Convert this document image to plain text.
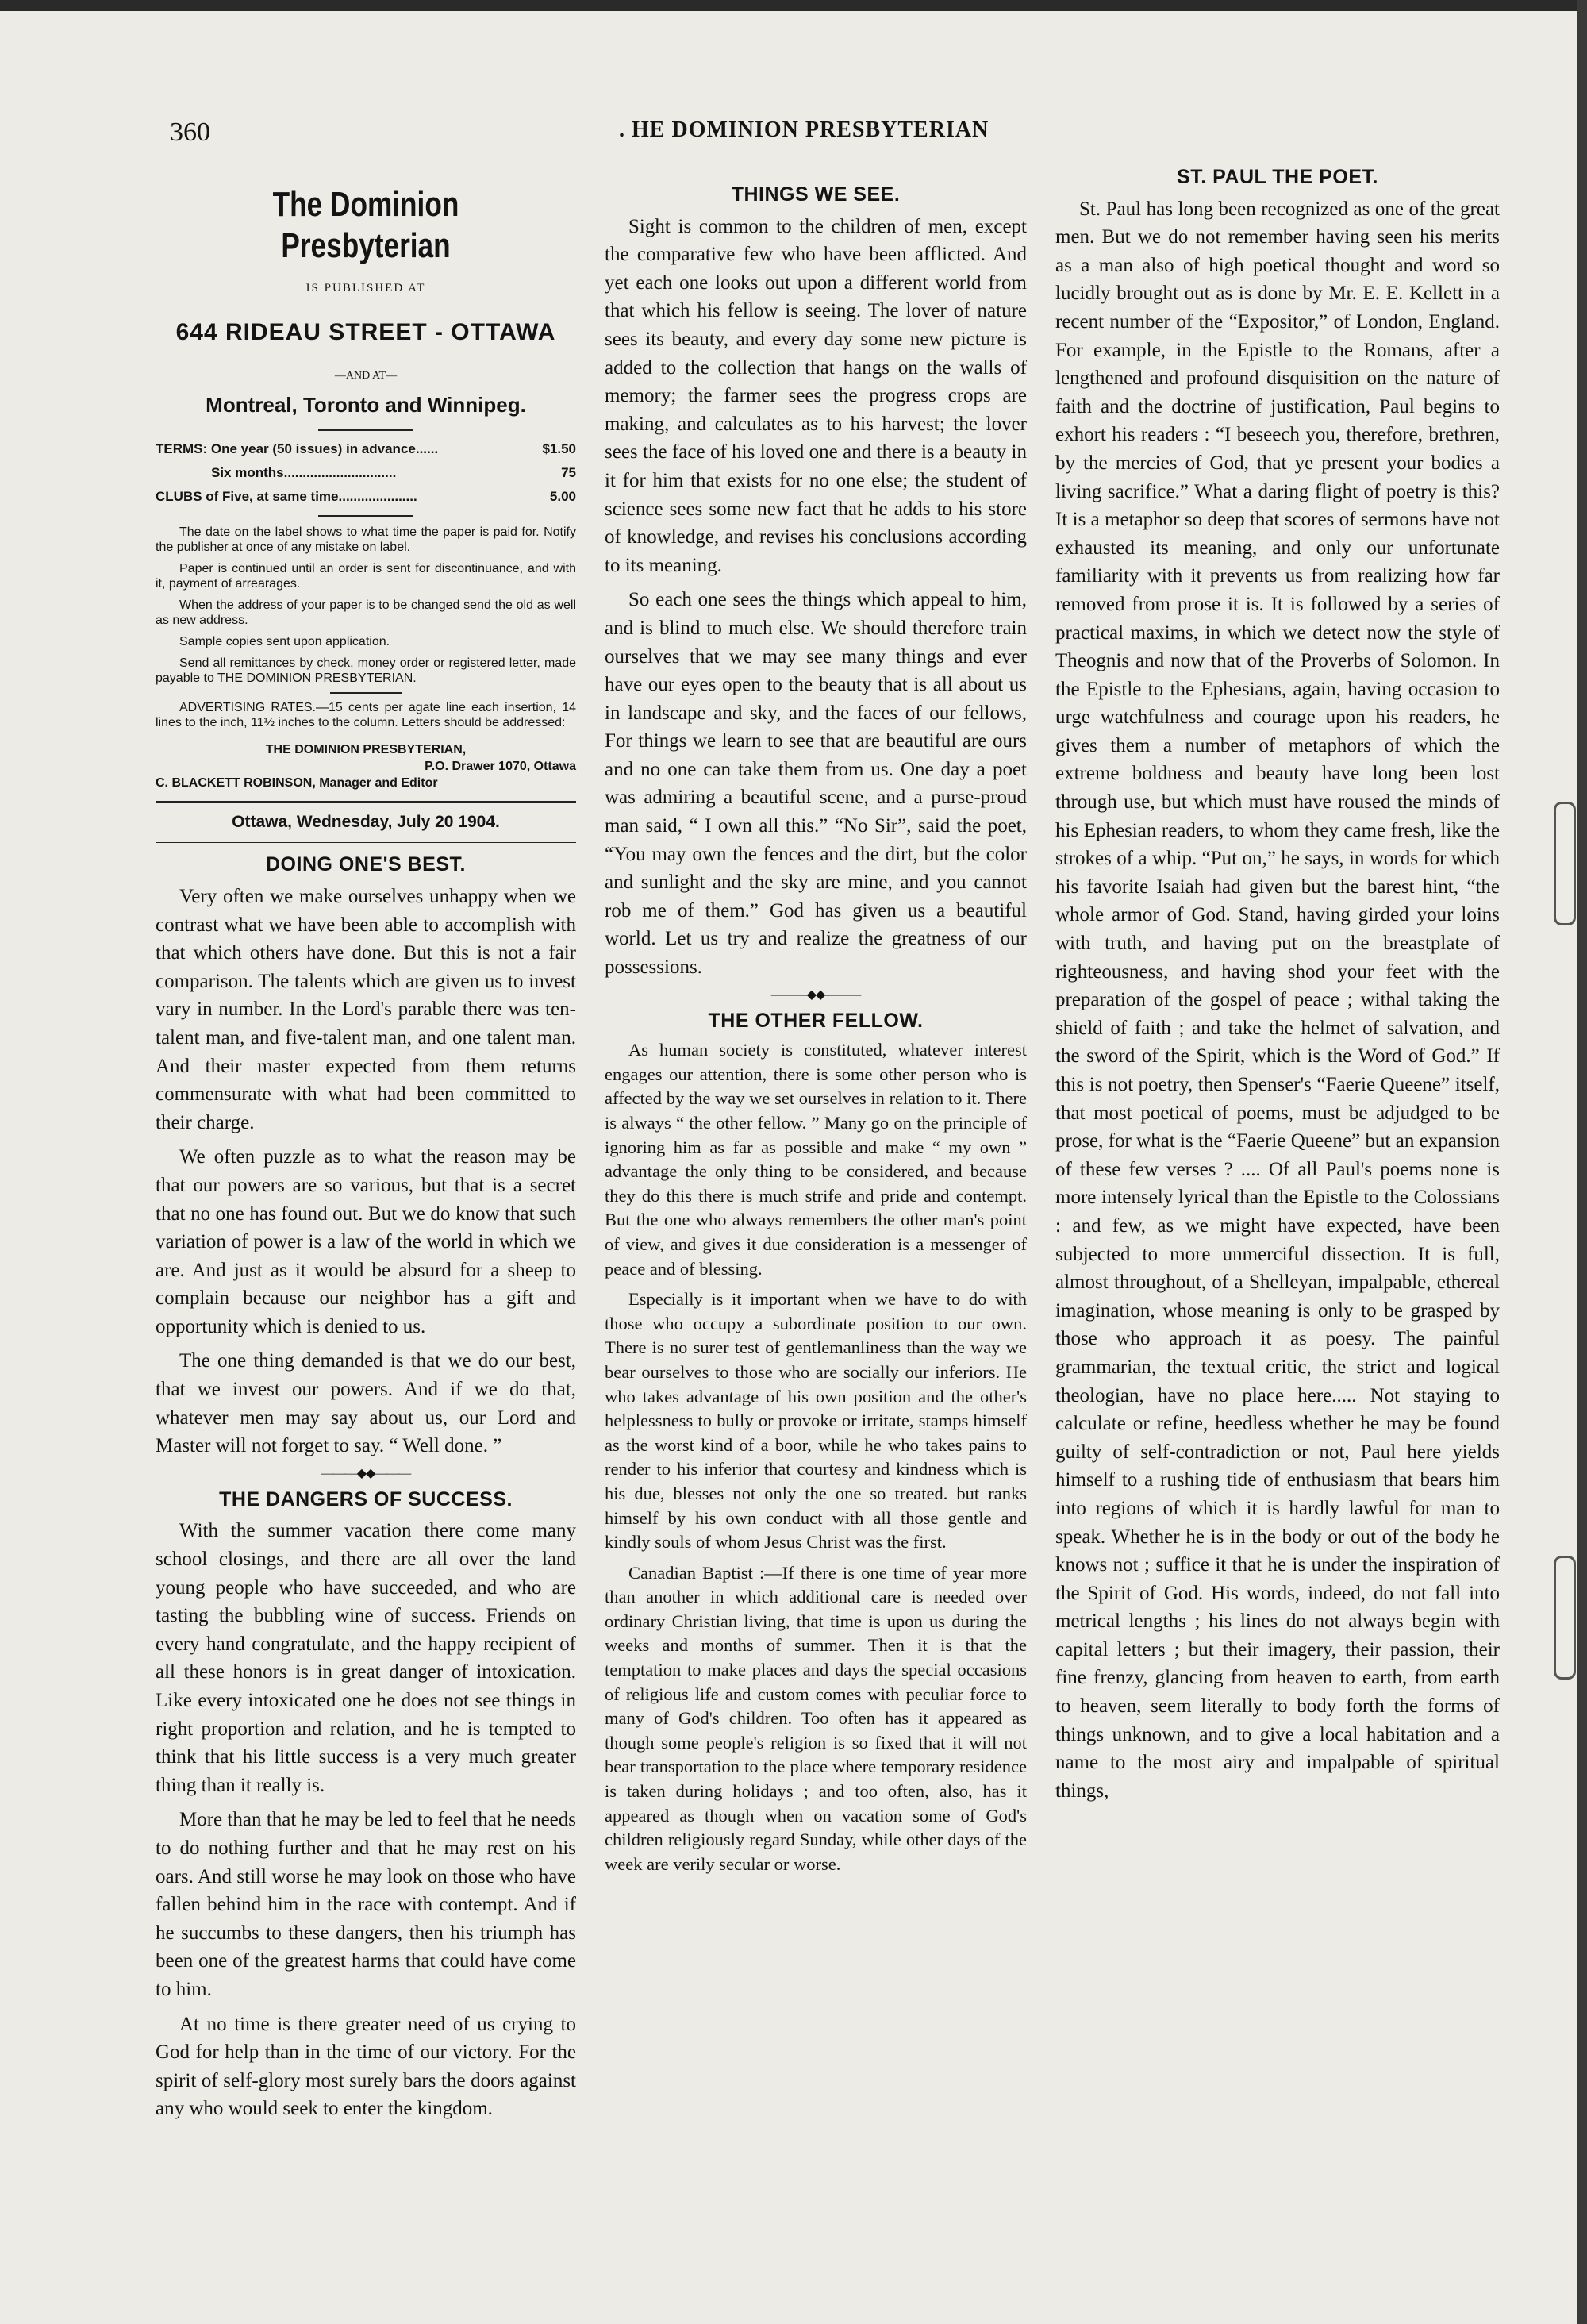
360	. HE DOMINION PRESBYTERIAN
The Dominion Presbyterian
IS PUBLISHED AT
644 RIDEAU STREET - OTTAWA
—AND AT—
Montreal, Toronto and Winnipeg.
TERMS: One year (50 issues) in advance......	$1.50
Six months..............................	75
CLUBS of Five, at same time.....................	5.00

The date on the label shows to what time the paper is paid for. Notify the publisher at once of any mistake on label.

Paper is continued until an order is sent for discontinuance, and with it, payment of arrearages.

When the address of your paper is to be changed send the old as well as new address.

Sample copies sent upon application.

Send all remittances by check, money order or registered letter, made payable to THE DOMINION PRESBYTERIAN.

ADVERTISING RATES.—15 cents per agate line each insertion, 14 lines to the inch, 11½ inches to the column. Letters should be addressed:

THE DOMINION PRESBYTERIAN,
P.O. Drawer 1070, Ottawa
C. BLACKETT ROBINSON, Manager and Editor
Ottawa, Wednesday, July 20 1904.
DOING ONE'S BEST.

Very often we make ourselves unhappy when we contrast what we have been able to accomplish with that which others have done. But this is not a fair comparison. The talents which are given us to invest vary in number. In the Lord's parable there was ten-talent man, and five-talent man, and one talent man. And their master expected from them returns commensurate with what had been committed to their charge.

We often puzzle as to what the reason may be that our powers are so various, but that is a secret that no one has found out. But we do know that such variation of power is a law of the world in which we are. And just as it would be absurd for a sheep to complain because our neighbor has a gift and opportunity which is denied to us.

The one thing demanded is that we do our best, that we invest our powers. And if we do that, whatever men may say about us, our Lord and Master will not forget to say. “ Well done. ”

———◆◆———
THE DANGERS OF SUCCESS.

With the summer vacation there come many school closings, and there are all over the land young people who have succeeded, and who are tasting the bubbling wine of success. Friends on every hand congratulate, and the happy recipient of all these honors is in great danger of intoxication. Like every intoxicated one he does not see things in right proportion and relation, and he is tempted to think that his little success is a very much greater thing than it really is.

More than that he may be led to feel that he needs to do nothing further and that he may rest on his oars. And still worse he may look on those who have fallen behind him in the race with contempt. And if he succumbs to these dangers, then his triumph has been one of the greatest harms that could have come to him.

At no time is there greater need of us crying to God for help than in the time of our victory. For the spirit of self-glory most surely bars the doors against any who would seek to enter the kingdom.

THINGS WE SEE.

Sight is common to the children of men, except the comparative few who have been afflicted. And yet each one looks out upon a different world from that which his fellow is seeing. The lover of nature sees its beauty, and every day some new picture is added to the collection that hangs on the walls of memory; the farmer sees the progress crops are making, and calculates as to his harvest; the lover sees the face of his loved one and there is a beauty in it for him that exists for no one else; the student of science sees some new fact that he adds to his store of knowledge, and revises his conclusions according to its meaning.

So each one sees the things which appeal to him, and is blind to much else. We should therefore train ourselves that we may see many things and ever have our eyes open to the beauty that is all about us in landscape and sky, and the faces of our fellows, For things we learn to see that are beautiful are ours and no one can take them from us. One day a poet was admiring a beautiful scene, and a purse-proud man said, “ I own all this.” “No Sir”, said the poet, “You may own the fences and the dirt, but the color and sunlight and the sky are mine, and you cannot rob me of them.” God has given us a beautiful world. Let us try and realize the greatness of our possessions.

———◆◆———
THE OTHER FELLOW.

As human society is constituted, whatever interest engages our attention, there is some other person who is affected by the way we set ourselves in relation to it. There is always “ the other fellow. ” Many go on the principle of ignoring him as far as possible and make “ my own ” advantage the only thing to be considered, and because they do this there is much strife and pride and contempt. But the one who always remembers the other man's point of view, and gives it due consideration is a messenger of peace and of blessing.

Especially is it important when we have to do with those who occupy a subordinate position to our own. There is no surer test of gentlemanliness than the way we bear ourselves to those who are socially our inferiors. He who takes advantage of his own position and the other's helplessness to bully or provoke or irritate, stamps himself as the worst kind of a boor, while he who takes pains to render to his inferior that courtesy and kindness which is his due, blesses not only the one so treated. but ranks himself by his own conduct with all those gentle and kindly souls of whom Jesus Christ was the first.

Canadian Baptist :—If there is one time of year more than another in which additional care is needed over ordinary Christian living, that time is upon us during the weeks and months of summer. Then it is that the temptation to make places and days the special occasions of religious life and custom comes with peculiar force to many of God's children. Too often has it appeared as though some people's religion is so fixed that it will not bear transportation to the place where temporary residence is taken during holidays ; and too often, also, has it appeared as though when on vacation some of God's children religiously regard Sunday, while other days of the week are verily secular or worse.

ST. PAUL THE POET.

St. Paul has long been recognized as one of the great men. But we do not remember having seen his merits as a man also of high poetical thought and word so lucidly brought out as is done by Mr. E. E. Kellett in a recent number of the “Expositor,” of London, England. For example, in the Epistle to the Romans, after a lengthened and profound disquisition on the nature of faith and the doctrine of justification, Paul begins to exhort his readers : “I beseech you, therefore, brethren, by the mercies of God, that ye present your bodies a living sacrifice.” What a daring flight of poetry is this? It is a metaphor so deep that scores of sermons have not exhausted its meaning, and only our unfortunate familiarity with it prevents us from realizing how far removed from prose it is. It is followed by a series of practical maxims, in which we detect now the style of Theognis and now that of the Proverbs of Solomon. In the Epistle to the Ephesians, again, having occasion to urge watchfulness and courage upon his readers, he gives them a number of metaphors of which the extreme boldness and beauty have long been lost through use, but which must have roused the minds of his Ephesian readers, to whom they came fresh, like the strokes of a whip. “Put on,” he says, in words for which his favorite Isaiah had given but the barest hint, “the whole armor of God. Stand, having girded your loins with truth, and having put on the breastplate of righteousness, and having shod your feet with the preparation of the gospel of peace ; withal taking the shield of faith ; and take the helmet of salvation, and the sword of the Spirit, which is the Word of God.” If this is not poetry, then Spenser's “Faerie Queene” itself, that most poetical of poems, must be adjudged to be prose, for what is the “Faerie Queene” but an expansion of these few verses ? .... Of all Paul's poems none is more intensely lyrical than the Epistle to the Colossians : and few, as we might have expected, have been subjected to more unmerciful dissection. It is full, almost throughout, of a Shelleyan, impalpable, ethereal imagination, whose meaning is only to be grasped by those who approach it as poesy. The painful grammarian, the textual critic, the strict and logical theologian, have no place here..... Not staying to calculate or refine, heedless whether he may be found guilty of self-contradiction or not, Paul here yields himself to a rushing tide of enthusiasm that bears him into regions of which it is hardly lawful for man to speak. Whether he is in the body or out of the body he knows not ; suffice it that he is under the inspiration of the Spirit of God. His words, indeed, do not fall into metrical lengths ; his lines do not always begin with capital letters ; but their imagery, their passion, their fine frenzy, glancing from heaven to earth, from earth to heaven, seem literally to body forth the forms of things unknown, and to give a local habitation and a name to the most airy and impalpable of spiritual things,
